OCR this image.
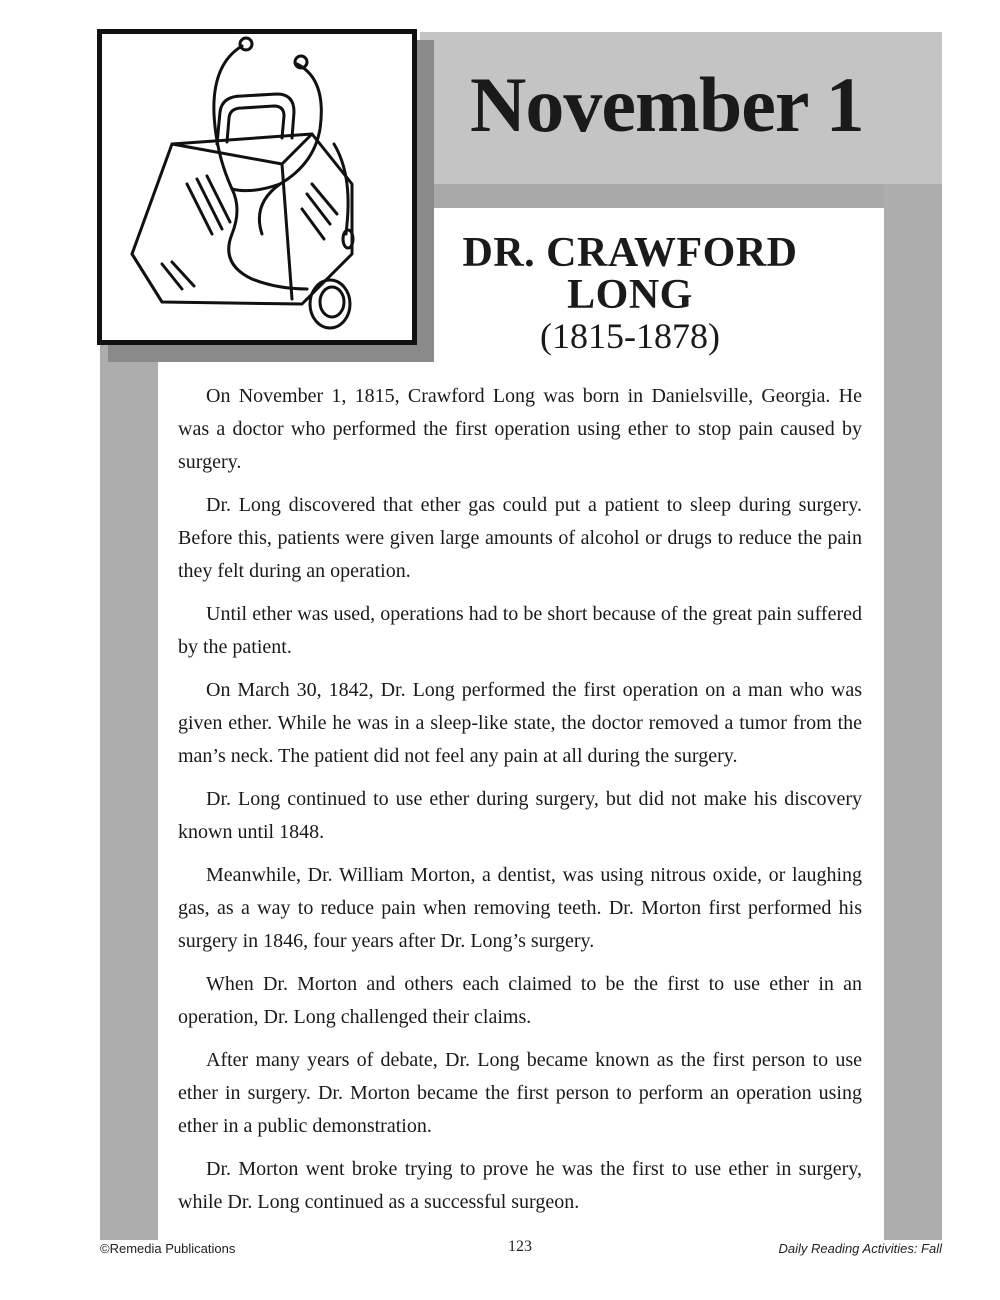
November 1
DR. CRAWFORD LONG
(1815-1878)

On November 1, 1815, Crawford Long was born in Danielsville, Georgia. He was a doctor who performed the first operation using ether to stop pain caused by surgery.

Dr. Long discovered that ether gas could put a patient to sleep during surgery. Before this, patients were given large amounts of alcohol or drugs to reduce the pain they felt during an operation.

Until ether was used, operations had to be short because of the great pain suffered by the patient.

On March 30, 1842, Dr. Long performed the first operation on a man who was given ether. While he was in a sleep-like state, the doctor removed a tumor from the man’s neck. The patient did not feel any pain at all during the surgery.

Dr. Long continued to use ether during surgery, but did not make his discovery known until 1848.

Meanwhile, Dr. William Morton, a dentist, was using nitrous oxide, or laughing gas, as a way to reduce pain when removing teeth. Dr. Morton first performed his surgery in 1846, four years after Dr. Long’s surgery.

When Dr. Morton and others each claimed to be the first to use ether in an operation, Dr. Long challenged their claims.

After many years of debate, Dr. Long became known as the first person to use ether in surgery. Dr. Morton became the first person to perform an operation using ether in a public demonstration.

Dr. Morton went broke trying to prove he was the first to use ether in surgery, while Dr. Long continued as a successful surgeon.

©Remedia Publications	123	Daily Reading Activities: Fall
